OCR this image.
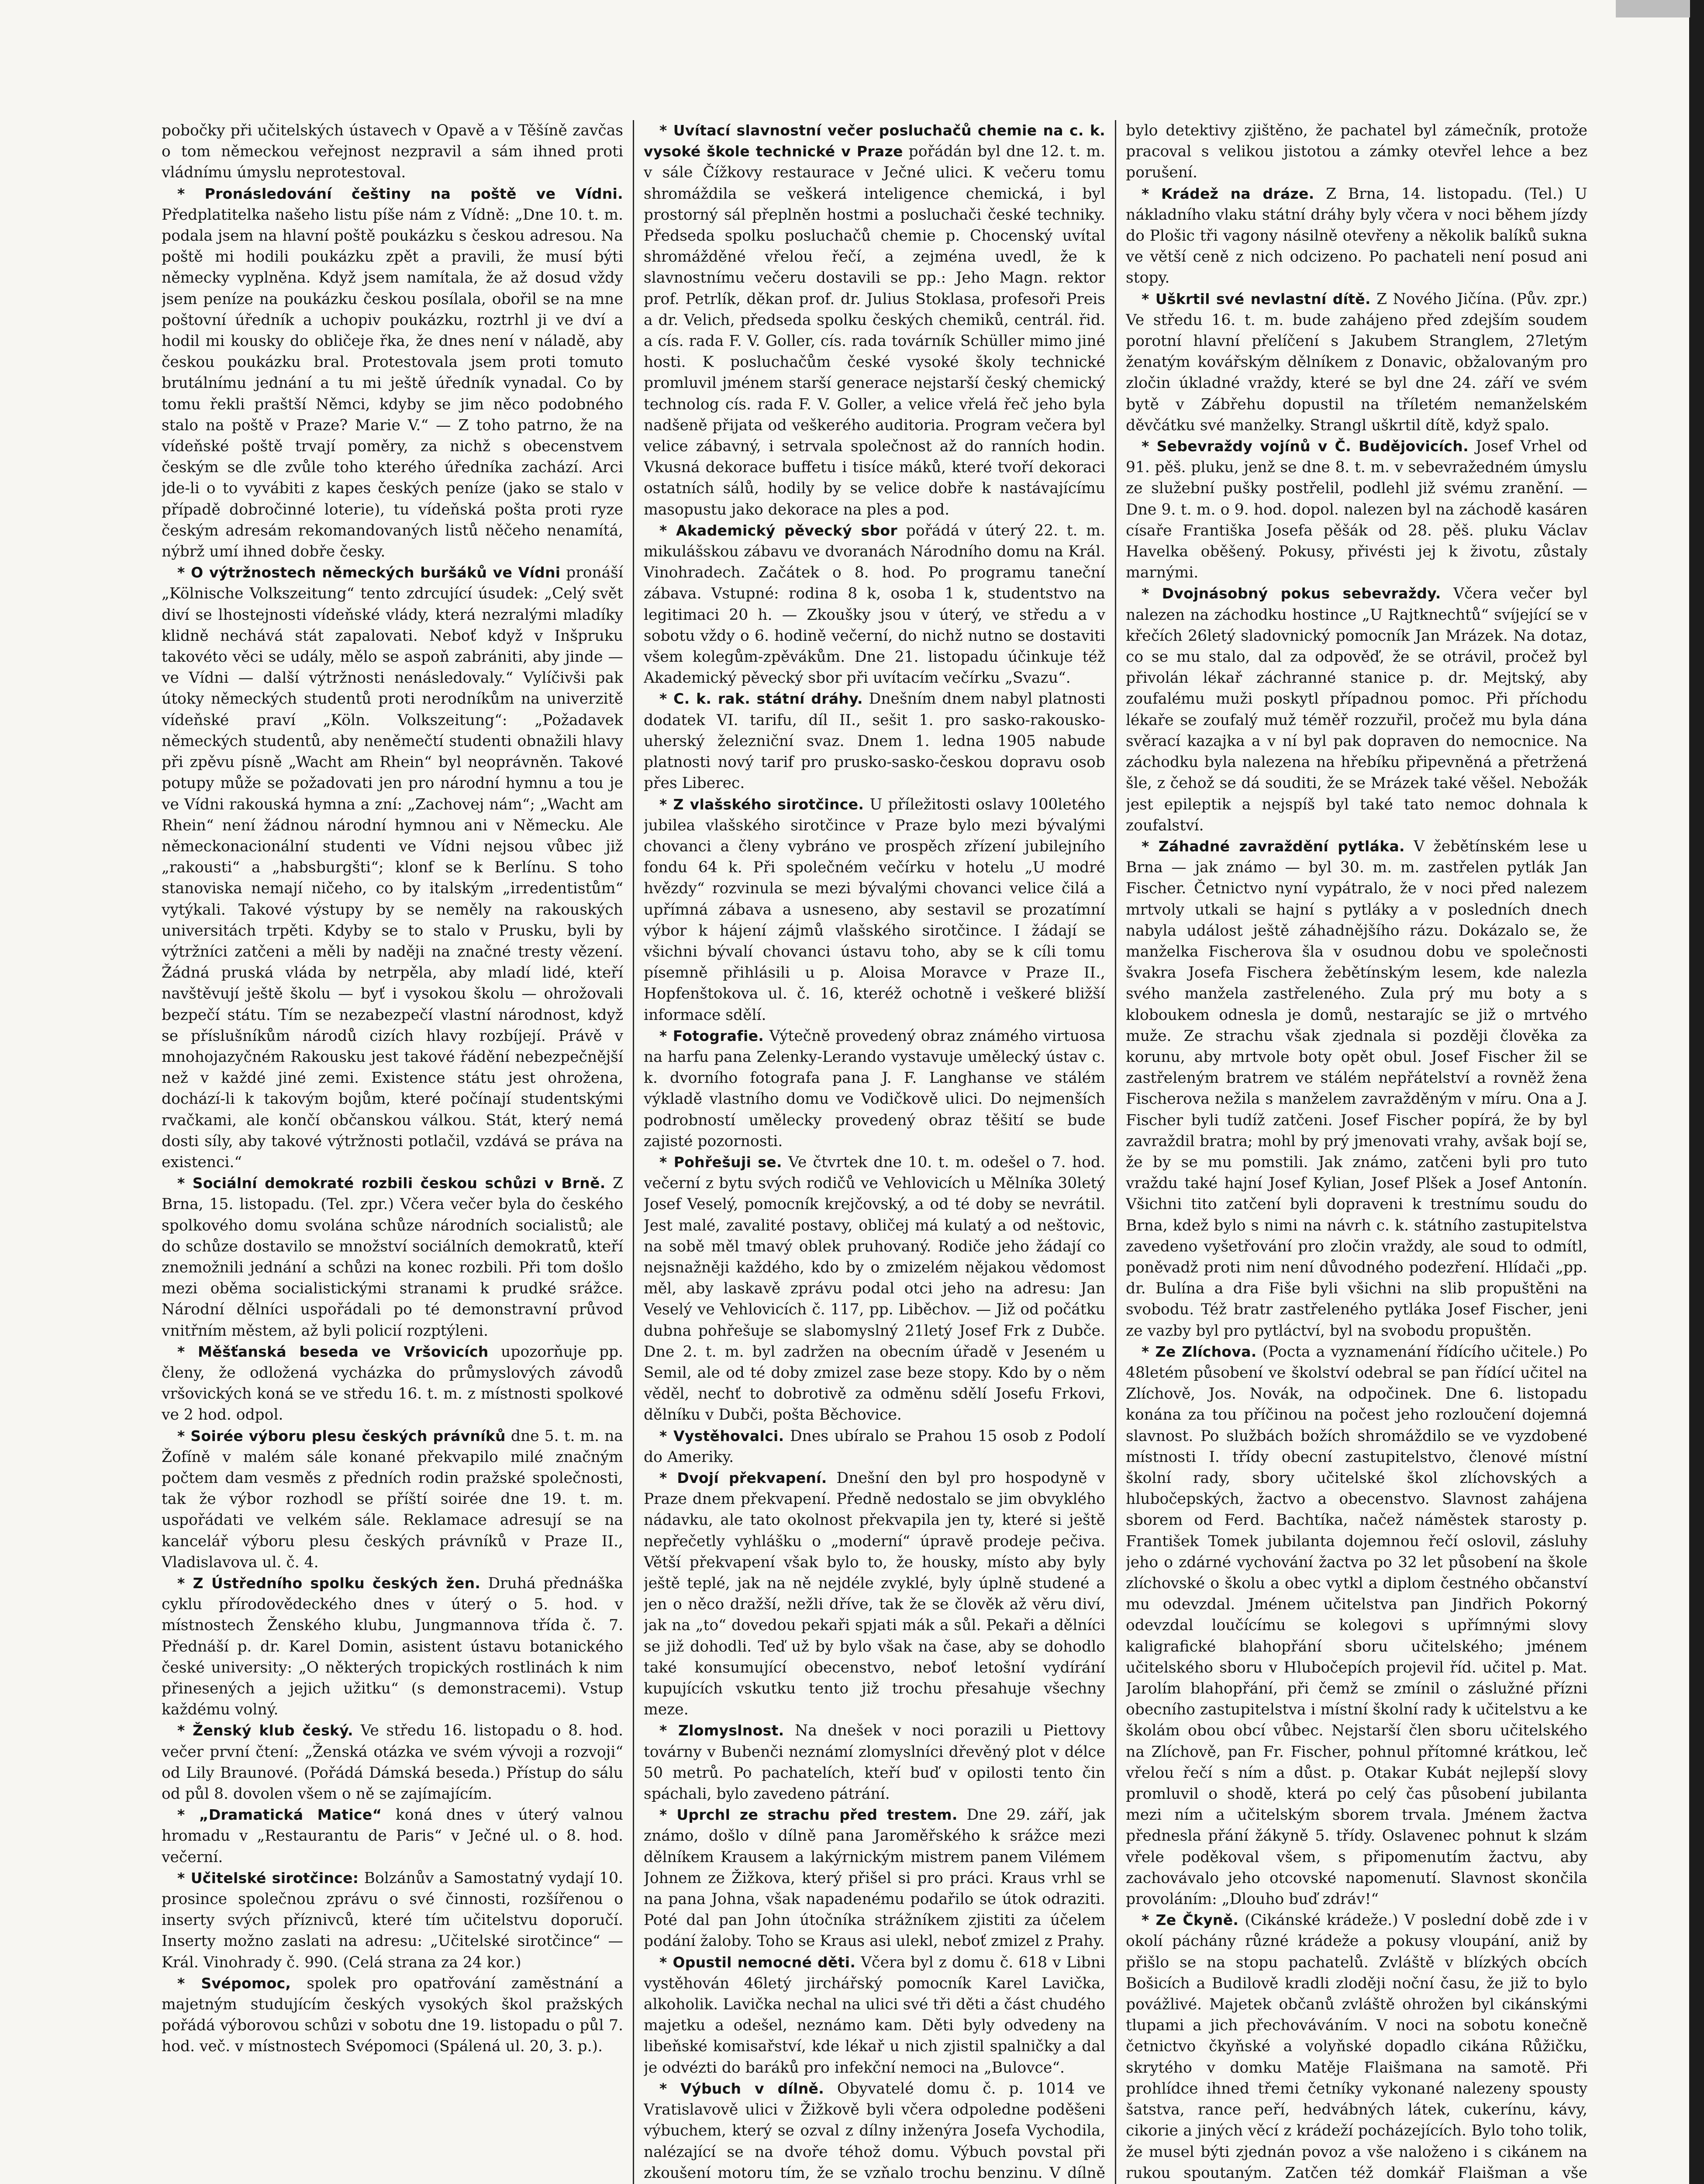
pobočky při učitelských ústavech v Opavě a v Těšíně zavčas o tom německou veřejnost nezpravil a sám ihned proti vládnímu úmyslu neprotestoval.

* Pronásledování češtiny na poště ve Vídni. Předplatitelka našeho listu píše nám z Vídně: „Dne 10. t. m. podala jsem na hlavní poště poukázku s českou adresou. Na poště mi hodili poukázku zpět a pravili, že musí býti německy vyplněna. Když jsem namítala, že až dosud vždy jsem peníze na poukázku českou posílala, obořil se na mne poštovní úředník a uchopiv poukázku, roztrhl ji ve dví a hodil mi kousky do obličeje řka, že dnes není v náladě, aby českou poukázku bral. Protestovala jsem proti tomuto brutálnímu jednání a tu mi ještě úředník vynadal. Co by tomu řekli praštší Němci, kdyby se jim něco podobného stalo na poště v Praze? Marie V.“ — Z toho patrno, že na vídeňské poště trvají poměry, za nichž s obecenstvem českým se dle zvůle toho kterého úředníka zachází. Arci jde-li o to vyvábiti z kapes českých peníze (jako se stalo v případě dobročinné loterie), tu vídeňská pošta proti ryze českým adresám rekomandovaných listů něčeho nenamítá, nýbrž umí ihned dobře česky.

* O výtržnostech německých buršáků ve Vídni pronáší „Kölnische Volkszeitung“ tento zdrcující úsudek: „Celý svět diví se lhostejnosti vídeňské vlády, která nezralými mladíky klidně nechává stát zapalovati. Neboť když v Inšpruku takovéto věci se udály, mělo se aspoň zabrániti, aby jinde — ve Vídni — další výtržnosti nenásledovaly.“ Vylíčivši pak útoky německých studentů proti nerodníkům na univerzitě vídeňské praví „Köln. Volkszeitung“: „Požadavek německých studentů, aby neněmečtí studenti obnažili hlavy při zpěvu písně „Wacht am Rhein“ byl neoprávněn. Takové potupy může se požadovati jen pro národní hymnu a tou je ve Vídni rakouská hymna a zní: „Zachovej nám“; „Wacht am Rhein“ není žádnou národní hymnou ani v Německu. Ale německonacionální studenti ve Vídni nejsou vůbec již „rakousti“ a „habsburgšti“; klonf se k Berlínu. S toho stanoviska nemají ničeho, co by italským „irredentistům“ vytýkali. Takové výstupy by se neměly na rakouských universitách trpěti. Kdyby se to stalo v Prusku, byli by výtržníci zatčeni a měli by naději na značné tresty vězení. Žádná pruská vláda by netrpěla, aby mladí lidé, kteří navštěvují ještě školu — byť i vysokou školu — ohrožovali bezpečí státu. Tím se nezabezpečí vlastní národnost, když se příslušníkům národů cizích hlavy rozbíjejí. Právě v mnohojazyčném Rakousku jest takové řádění nebezpečnější než v každé jiné zemi. Existence státu jest ohrožena, dochází-li k takovým bojům, které počínají studentskými rvačkami, ale končí občanskou válkou. Stát, který nemá dosti síly, aby takové výtržnosti potlačil, vzdává se práva na existenci.“

* Sociální demokraté rozbili českou schůzi v Brně. Z Brna, 15. listopadu. (Tel. zpr.) Včera večer byla do českého spolkového domu svolána schůze národních socialistů; ale do schůze dostavilo se množství sociálních demokratů, kteří znemožnili jednání a schůzi na konec rozbili. Při tom došlo mezi oběma socialistickými stranami k prudké srážce. Národní dělníci uspořádali po té demonstravní průvod vnitřním městem, až byli policií rozptýleni.

* Měšťanská beseda ve Vršovicích upozorňuje pp. členy, že odložená vycházka do průmyslových závodů vršovických koná se ve středu 16. t. m. z místnosti spolkové ve 2 hod. odpol.

* Soirée výboru plesu českých právníků dne 5. t. m. na Žofíně v malém sále konané překvapilo milé značným počtem dam vesměs z předních rodin pražské společnosti, tak že výbor rozhodl se příští soirée dne 19. t. m. uspořádati ve velkém sále. Reklamace adresují se na kancelář výboru plesu českých právníků v Praze II., Vladislavova ul. č. 4.

* Z Ústředního spolku českých žen. Druhá přednáška cyklu přírodovědeckého dnes v úterý o 5. hod. v místnostech Ženského klubu, Jungmannova třída č. 7. Přednáší p. dr. Karel Domin, asistent ústavu botanického české university: „O některých tropických rostlinách k nim přinesených a jejich užitku“ (s demonstracemi). Vstup každému volný.

* Ženský klub český. Ve středu 16. listopadu o 8. hod. večer první čtení: „Ženská otázka ve svém vývoji a rozvoji“ od Lily Braunové. (Pořádá Dámská beseda.) Přístup do sálu od půl 8. dovolen všem o ně se zajímajícím.

* „Dramatická Matice“ koná dnes v úterý valnou hromadu v „Restaurantu de Paris“ v Ječné ul. o 8. hod. večerní.

* Učitelské sirotčince: Bolzánův a Samostatný vydají 10. prosince společnou zprávu o své činnosti, rozšířenou o inserty svých příznivců, které tím učitelstvu doporučí. Inserty možno zaslati na adresu: „Učitelské sirotčince“ — Král. Vinohrady č. 990. (Celá strana za 24 kor.)

* Svépomoc, spolek pro opatřování zaměstnání a majetným studujícím českých vysokých škol pražských pořádá výborovou schůzi v sobotu dne 19. listopadu o půl 7. hod. več. v místnostech Svépomoci (Spálená ul. 20, 3. p.).

* Uvítací slavnostní večer posluchačů chemie na c. k. vysoké škole technické v Praze pořádán byl dne 12. t. m. v sále Čížkovy restaurace v Ječné ulici. K večeru tomu shromáždila se veškerá inteligence chemická, i byl prostorný sál přeplněn hostmi a posluchači české techniky. Předseda spolku posluchačů chemie p. Chocenský uvítal shromážděné vřelou řečí, a zejména uvedl, že k slavnostnímu večeru dostavili se pp.: Jeho Magn. rektor prof. Petrlík, děkan prof. dr. Julius Stoklasa, profesoři Preis a dr. Velich, předseda spolku českých chemiků, centrál. řid. a cís. rada F. V. Goller, cís. rada továrník Schüller mimo jiné hosti. K posluchačům české vysoké školy technické promluvil jménem starší generace nejstarší český chemický technolog cís. rada F. V. Goller, a velice vřelá řeč jeho byla nadšeně přijata od veškerého auditoria. Program večera byl velice zábavný, i setrvala společnost až do ranních hodin. Vkusná dekorace buffetu i tisíce máků, které tvoří dekoraci ostatních sálů, hodily by se velice dobře k nastávajícímu masopustu jako dekorace na ples a pod.

* Akademický pěvecký sbor pořádá v úterý 22. t. m. mikulášskou zábavu ve dvoranách Národního domu na Král. Vinohradech. Začátek o 8. hod. Po programu taneční zábava. Vstupné: rodina 8 k, osoba 1 k, studentstvo na legitimaci 20 h. — Zkoušky jsou v úterý, ve středu a v sobotu vždy o 6. hodině večerní, do nichž nutno se dostaviti všem kolegům-zpěvákům. Dne 21. listopadu účinkuje též Akademický pěvecký sbor při uvítacím večírku „Svazu“.

* C. k. rak. státní dráhy. Dnešním dnem nabyl platnosti dodatek VI. tarifu, díl II., sešit 1. pro sasko-rakousko-uherský železniční svaz. Dnem 1. ledna 1905 nabude platnosti nový tarif pro prusko-sasko-českou dopravu osob přes Liberec.

* Z vlašského sirotčince. U příležitosti oslavy 100letého jubilea vlašského sirotčince v Praze bylo mezi bývalými chovanci a členy vybráno ve prospěch zřízení jubilejního fondu 64 k. Při společném večírku v hotelu „U modré hvězdy“ rozvinula se mezi bývalými chovanci velice čilá a upřímná zábava a usneseno, aby sestavil se prozatímní výbor k hájení zájmů vlašského sirotčince. I žádají se všichni bývalí chovanci ústavu toho, aby se k cíli tomu písemně přihlásili u p. Aloisa Moravce v Praze II., Hopfenštokova ul. č. 16, kteréž ochotně i veškeré bližší informace sdělí.

* Fotografie. Výtečně provedený obraz známého virtuosa na harfu pana Zelenky-Lerando vystavuje umělecký ústav c. k. dvorního fotografa pana J. F. Langhanse ve stálém výkladě vlastního domu ve Vodičkově ulici. Do nejmenších podrobností umělecky provedený obraz těšití se bude zajisté pozornosti.

* Pohřešuji se. Ve čtvrtek dne 10. t. m. odešel o 7. hod. večerní z bytu svých rodičů ve Vehlovicích u Mělníka 30letý Josef Veselý, pomocník krejčovský, a od té doby se nevrátil. Jest malé, zavalité postavy, obličej má kulatý a od neštovic, na sobě měl tmavý oblek pruhovaný. Rodiče jeho žádají co nejsnažněji každého, kdo by o zmizelém nějakou vědomost měl, aby laskavě zprávu podal otci jeho na adresu: Jan Veselý ve Vehlovicích č. 117, pp. Liběchov. — Již od počátku dubna pohřešuje se slabomyslný 21letý Josef Frk z Dubče. Dne 2. t. m. byl zadržen na obecním úřadě v Jeseném u Semil, ale od té doby zmizel zase beze stopy. Kdo by o něm věděl, nechť to dobrotivě za odměnu sdělí Josefu Frkovi, dělníku v Dubči, pošta Běchovice.

* Vystěhovalci. Dnes ubíralo se Prahou 15 osob z Podolí do Ameriky.

* Dvojí překvapení. Dnešní den byl pro hospodyně v Praze dnem překvapení. Předně nedostalo se jim obvyklého nádavku, ale tato okolnost překvapila jen ty, které si ještě nepřečetly vyhlášku o „moderní“ úpravě prodeje pečiva. Větší překvapení však bylo to, že housky, místo aby byly ještě teplé, jak na ně nejdéle zvyklé, byly úplně studené a jen o něco dražší, nežli dříve, tak že se člověk až věru diví, jak na „to“ dovedou pekaři spjati mák a sůl. Pekaři a dělníci se již dohodli. Teď už by bylo však na čase, aby se dohodlo také konsumující obecenstvo, neboť letošní vydírání kupujících vskutku tento již trochu přesahuje všechny meze.

* Zlomyslnost. Na dnešek v noci porazili u Piettovy továrny v Bubenči neznámí zlomyslníci dřevěný plot v délce 50 metrů. Po pachatelích, kteří buď v opilosti tento čin spáchali, bylo zavedeno pátrání.

* Uprchl ze strachu před trestem. Dne 29. září, jak známo, došlo v dílně pana Jaroměřského k srážce mezi dělníkem Krausem a lakýrnickým mistrem panem Vilémem Johnem ze Žižkova, který přišel si pro práci. Kraus vrhl se na pana Johna, však napadenému podařilo se útok odraziti. Poté dal pan John útočníka strážníkem zjistiti za účelem podání žaloby. Toho se Kraus asi ulekl, neboť zmizel z Prahy.

* Opustil nemocné děti. Včera byl z domu č. 618 v Libni vystěhován 46letý jirchářský pomocník Karel Lavička, alkoholik. Lavička nechal na ulici své tři děti a část chudého majetku a odešel, neznámo kam. Děti byly odvedeny na libeňské komisařství, kde lékař u nich zjistil spalničky a dal je odvézti do baráků pro infekční nemoci na „Bulovce“.

* Výbuch v dílně. Obyvatelé domu č. p. 1014 ve Vratislavově ulici v Žižkově byli včera odpoledne poděšeni výbuchem, který se ozval z dílny inženýra Josefa Vychodila, nalézající se na dvoře téhož domu. Výbuch povstal při zkoušení motoru tím, že se vzňalo trochu benzinu. V dílně

bylo detektivy zjištěno, že pachatel byl zámečník, protože pracoval s velikou jistotou a zámky otevřel lehce a bez porušení.

* Krádež na dráze. Z Brna, 14. listopadu. (Tel.) U nákladního vlaku státní dráhy byly včera v noci během jízdy do Plošic tři vagony násilně otevřeny a několik balíků sukna ve větší ceně z nich odcizeno. Po pachateli není posud ani stopy.

* Uškrtil své nevlastní dítě. Z Nového Jičína. (Pův. zpr.) Ve středu 16. t. m. bude zahájeno před zdejším soudem porotní hlavní přelíčení s Jakubem Stranglem, 27letým ženatým kovářským dělníkem z Donavic, obžalovaným pro zločin úkladné vraždy, které se byl dne 24. září ve svém bytě v Zábřehu dopustil na tříletém nemanželském děvčátku své manželky. Strangl uškrtil dítě, když spalo.

* Sebevraždy vojínů v Č. Budějovicích. Josef Vrhel od 91. pěš. pluku, jenž se dne 8. t. m. v sebevražedném úmyslu ze služební pušky postřelil, podlehl již svému zranění. — Dne 9. t. m. o 9. hod. dopol. nalezen byl na záchodě kasáren císaře Františka Josefa pěšák od 28. pěš. pluku Václav Havelka oběšený. Pokusy, přivésti jej k životu, zůstaly marnými.

* Dvojnásobný pokus sebevraždy. Včera večer byl nalezen na záchodku hostince „U Rajtknechtů“ svíjející se v křečích 26letý sladovnický pomocník Jan Mrázek. Na dotaz, co se mu stalo, dal za odpověď, že se otrávil, pročež byl přivolán lékař záchranné stanice p. dr. Mejtský, aby zoufalému muži poskytl případnou pomoc. Při příchodu lékaře se zoufalý muž téměř rozzuřil, pročež mu byla dána svěrací kazajka a v ní byl pak dopraven do nemocnice. Na záchodku byla nalezena na hřebíku připevněná a přetržená šle, z čehož se dá souditi, že se Mrázek také věšel. Nebožák jest epileptik a nejspíš byl také tato nemoc dohnala k zoufalství.

* Záhadné zavraždění pytláka. V žebětínském lese u Brna — jak známo — byl 30. m. m. zastřelen pytlák Jan Fischer. Četnictvo nyní vypátralo, že v noci před nalezem mrtvoly utkali se hajní s pytláky a v posledních dnech nabyla událost ještě záhadnějšího rázu. Dokázalo se, že manželka Fischerova šla v osudnou dobu ve společnosti švakra Josefa Fischera žebětínským lesem, kde nalezla svého manžela zastřeleného. Zula prý mu boty a s kloboukem odnesla je domů, nestarajíc se již o mrtvého muže. Ze strachu však zjednala si později člověka za korunu, aby mrtvole boty opět obul. Josef Fischer žil se zastřeleným bratrem ve stálém nepřátelství a rovněž žena Fischerova nežila s manželem zavražděným v míru. Ona a J. Fischer byli tudíž zatčeni. Josef Fischer popírá, že by byl zavraždil bratra; mohl by prý jmenovati vrahy, avšak bojí se, že by se mu pomstili. Jak známo, zatčeni byli pro tuto vraždu také hajní Josef Kylian, Josef Plšek a Josef Antonín. Všichni tito zatčení byli dopraveni k trestnímu soudu do Brna, kdež bylo s nimi na návrh c. k. státního zastupitelstva zavedeno vyšetřování pro zločin vraždy, ale soud to odmítl, poněvadž proti nim není důvodného podezření. Hlídači „pp. dr. Bulína a dra Fiše byli všichni na slib propuštěni na svobodu. Též bratr zastřeleného pytláka Josef Fischer, jeni ze vazby byl pro pytláctví, byl na svobodu propuštěn.

* Ze Zlíchova. (Pocta a vyznamenání řídícího učitele.) Po 48letém působení ve školství odebral se pan řídící učitel na Zlíchově, Jos. Novák, na odpočinek. Dne 6. listopadu konána za tou příčinou na počest jeho rozloučení dojemná slavnost. Po službách božích shromáždilo se ve vyzdobené místnosti I. třídy obecní zastupitelstvo, členové místní školní rady, sbory učitelské škol zlíchovských a hlubočepských, žactvo a obecenstvo. Slavnost zahájena sborem od Ferd. Bachtíka, načež náměstek starosty p. František Tomek jubilanta dojemnou řečí oslovil, zásluhy jeho o zdárné vychování žactva po 32 let působení na škole zlíchovské o školu a obec vytkl a diplom čestného občanství mu odevzdal. Jménem učitelstva pan Jindřich Pokorný odevzdal loučícímu se kolegovi s upřímnými slovy kaligrafické blahopřání sboru učitelského; jménem učitelského sboru v Hlubočepích projevil říd. učitel p. Mat. Jarolím blahopřání, při čemž se zmínil o záslužné přízni obecního zastupitelstva i místní školní rady k učitelstvu a ke školám obou obcí vůbec. Nejstarší člen sboru učitelského na Zlíchově, pan Fr. Fischer, pohnul přítomné krátkou, leč vřelou řečí s ním a důst. p. Otakar Kubát nejlepší slovy promluvil o shodě, která po celý čas působení jubilanta mezi ním a učitelským sborem trvala. Jménem žactva přednesla přání žákyně 5. třídy. Oslavenec pohnut k slzám vřele poděkoval všem, s připomenutím žactvu, aby zachovávalo jeho otcovské napomenutí. Slavnost skončila provoláním: „Dlouho buď zdráv!“

* Ze Čkyně. (Cikánské krádeže.) V poslední době zde i v okolí páchány různé krádeže a pokusy vloupání, aniž by přišlo se na stopu pachatelů. Zvláště v blízkých obcích Bošicích a Budilově kradli zloději noční času, že již to bylo povážlivé. Majetek občanů zvláště ohrožen byl cikánskými tlupami a jich přechováváním. V noci na sobotu konečně četnictvo čkyňské a volyňské dopadlo cikána Růžičku, skrytého v domku Matěje Flaišmana na samotě. Při prohlídce ihned třemi četníky vykonané nalezeny spousty šatstva, rance peří, hedvábných látek, cukerínu, kávy, cikorie a jiných věcí z krádeží pocházejících. Bylo toho tolik, že musel býti zjednán povoz a vše naloženo i s cikánem na rukou spoutaným. Zatčen též domkář Flaišman a vše
